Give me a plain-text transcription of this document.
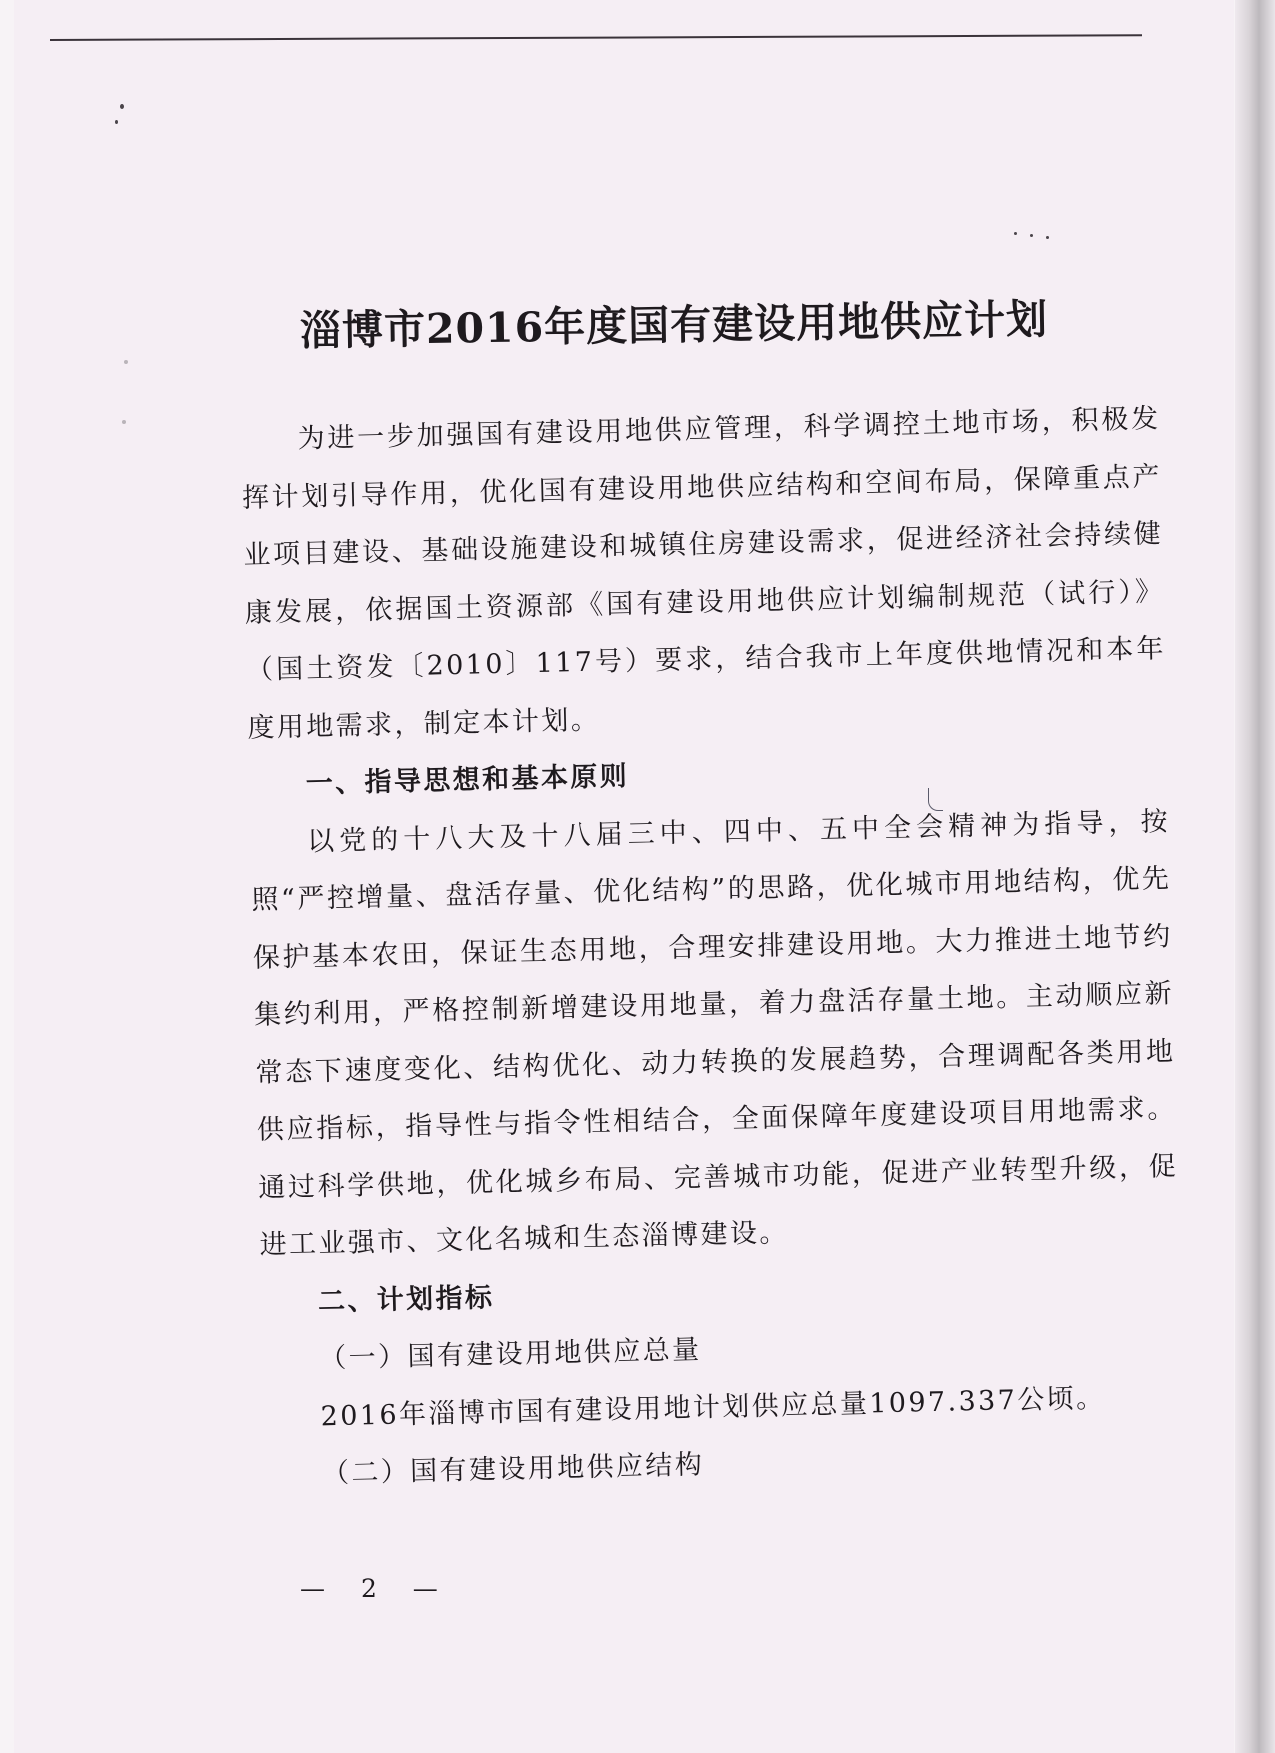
淄博市2016年度国有建设用地供应计划

为进一步加强国有建设用地供应管理，科学调控土地市场，积极发挥计划引导作用，优化国有建设用地供应结构和空间布局，保障重点产业项目建设、基础设施建设和城镇住房建设需求，促进经济社会持续健康发展，依据国土资源部《国有建设用地供应计划编制规范（试行）》（国土资发〔2010〕117号）要求，结合我市上年度供地情况和本年度用地需求，制定本计划。

一、指导思想和基本原则

以党的十八大及十八届三中、四中、五中全会精神为指导，按照“严控增量、盘活存量、优化结构”的思路，优化城市用地结构，优先保护基本农田，保证生态用地，合理安排建设用地。大力推进土地节约集约利用，严格控制新增建设用地量，着力盘活存量土地。主动顺应新常态下速度变化、结构优化、动力转换的发展趋势，合理调配各类用地供应指标，指导性与指令性相结合，全面保障年度建设项目用地需求。通过科学供地，优化城乡布局、完善城市功能，促进产业转型升级，促进工业强市、文化名城和生态淄博建设。

二、计划指标

（一）国有建设用地供应总量

2016年淄博市国有建设用地计划供应总量1097.337公顷。

（二）国有建设用地供应结构

— 2 —
